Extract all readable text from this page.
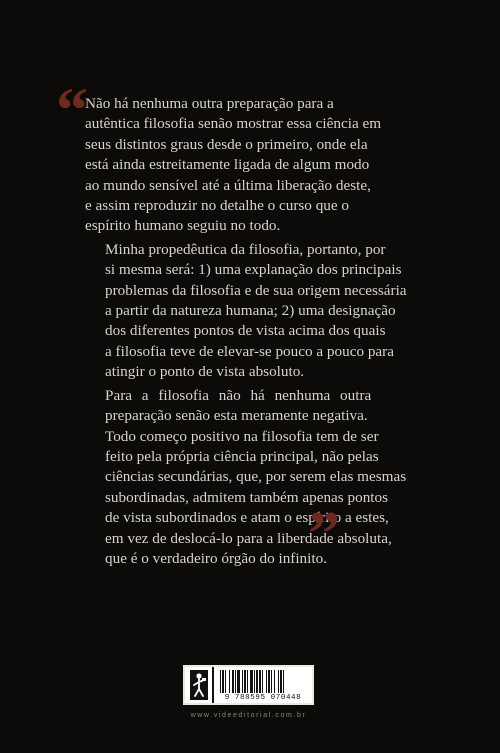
“

Não há nenhuma outra preparação para a
autêntica filosofia senão mostrar essa ciência em
seus distintos graus desde o primeiro, onde ela
está ainda estreitamente ligada de algum modo
ao mundo sensível até a última liberação deste,
e assim reproduzir no detalhe o curso que o
espírito humano seguiu no todo.

Minha propedêutica da filosofia, portanto, por
si mesma será: 1) uma explanação dos principais
problemas da filosofia e de sua origem necessária
a partir da natureza humana; 2) uma designação
dos diferentes pontos de vista acima dos quais
a filosofia teve de elevar-se pouco a pouco para
atingir o ponto de vista absoluto.

Para a filosofia não há nenhuma outra
preparação senão esta meramente negativa.
Todo começo positivo na filosofia tem de ser
feito pela própria ciência principal, não pelas
ciências secundárias, que, por serem elas mesmas
subordinadas, admitem também apenas pontos
de vista subordinados e atam o espírito a estes,
em vez de deslocá-lo para a liberdade absoluta,
que é o verdadeiro órgão do infinito.

”
9 788595 070448
www.videeditorial.com.br
